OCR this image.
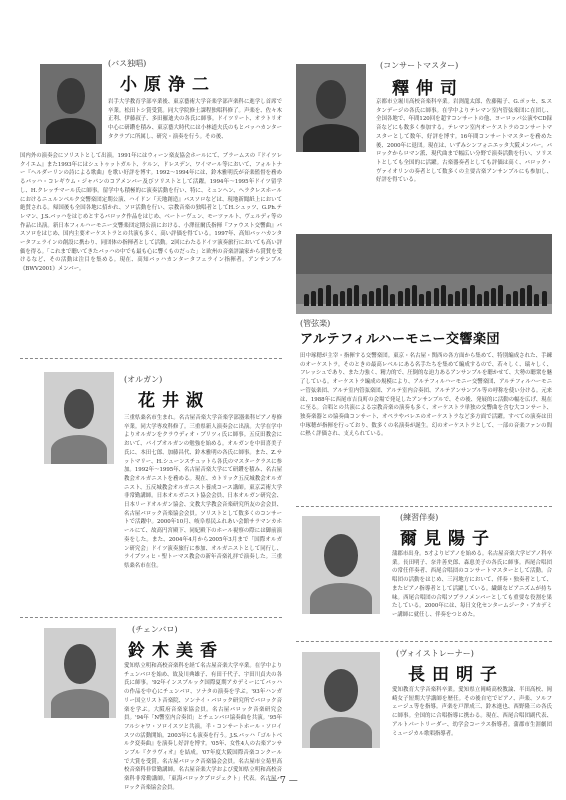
(バス独唱)
小原浄二
岩手大学教育学部卒業後、東京藝術大学音楽学部声楽科に進学し首席で卒業。松田トシ賞受賞。同大学院修士課程独唱科修了。声楽を、佐々木正利、伊藤叔子、多田羅迪夫の各氏に師事。ドイツリート、オラトリオ中心に研鑽を積み、東京藝大時代には小林道夫氏のもとバッハカンタータクラブに所属し、研究・演奏を行う。その後、
国内外の演奏会にソリストとして出演。1991年にはウィーン楽友協会ホールにて、ブラームスの『ドイツレクイエム』また1993年にはシュトゥットガルト、ケルン、ドレスデン、ワイマール等において、フォルトナー『ヘルダーリンの詩による歌曲』を歌い好評を博す。1992〜1994年には、鈴木雅明氏が音楽監督を務めるバッハ・コレギウム・ジャパンのコアメンバー及びソリストとして活躍。1994年〜1995年ドイツ留学し、H.クレッチマール氏に師事。留学中も積極的に演奏活動を行い、特に、ミュンヘン、ヘラクレスホールにおけるニュルンベルク交響楽団定期公演、ハイドン『天地創造』バスソロなどは、現地新聞紙上において絶賛される。帰国後も全国各地に招かれ、ソロ活動を行い、宗教音楽の独唱者としてH.シュッツ、G.Ph.テレマン、J.S.バッハをはじめとするバロック作品をはじめ、ベートーヴェン、モーツァルト、ヴェルディ等の作品に出演。新日本フィルハーモニー交響楽団定期公演における、小澤征爾氏指揮『ファウスト交響曲』バスソロをはじめ、国内主要オーケストラとの共演も多く、高い評価を得ている。1997年、高知バッハカンタータフェラインの創設に携わり、同団体の指揮者として活動。2回にわたるドイツ演奏旅行においても高い評価を得る。「これまで聴いてきたバッハの中でも最も心に響くものだった」と欧州の音楽評論家から賞賛を受けるなど、その活動は注目を集める。現在、高知バッハカンタータフェライン指揮者。アンサンブル《BWV2001》メンバー。
(オルガン)
花井淑
三重県桑名市生まれ。名古屋音楽大学音楽学部器楽科ピアノ専修卒業。同大学専攻科修了。三重県新人演奏会に出演。大学在学中よりオルガンをクラウディオ・ブリツィ氏に師事。五反田教会において、パイプオルガンの勉強を始める。オルガンを中田喜美子氏に、本田七郎、加藤昌代、鈴木雅明の各氏に師事。また、Z.サットマリー、H.シューンスチュットら各氏のマスタークラスに参加。1992年〜1995年、名古屋音楽大学にて研鑽を積み、名古屋教会オルガニストを務める。現在、カトリック五反城教会オルガニスト、五反城教会オルガニスト養成コース講師。東京芸術大学非常勤講師。日本オルガニスト協会会員、日本オルガン研究会、日本リードオルガン協会、文教大学教会音楽研究所友の会会員、名古屋バロック音楽協会会員。ソリストとして数多くのコンサートで活躍中。2000年10月、岐阜県民ふれあい会館サラマンカホールにて、故高円宮殿下、同妃殿下のホール視察の際には御前演奏をした。また、2004年4月から2005年3月まで「国際オルガン研究会」ドイツ演奏旅行に参加、オルガニストとして同行し、ライプツィヒ・聖トーマス教会の新年音楽礼拝で演奏した。三重県桑名市在住。
(チェンバロ)
鈴木美香
愛知県立明和高校音楽科を経て名古屋音楽大学卒業。在学中よりチェンバロを始め、故及川典雄子、有田千代子、宇田川貞夫の各氏に師事。'92年インスブルック国際夏期アカデミーにてバッハの作品を中心にチェンバロ、ソナタの演奏を学ぶ。'93年ハンガリー国立リスト音楽院、ソンナイ・バロック研究所でバロック音楽を学ぶ。大阪府音楽家協会員。名古屋バロック音楽研究会員。'94年「N響室内合奏団」とチェンバロ協奏曲を共演。'95年フルシャワ・ソロイスツと共演。半・コンサートホール・ソロイスツの活動開始。2003年にも演奏を行う。J.S.バッハ『ゴルトベルク変奏曲』を演奏し好評を博す。'05年、女性4人の古楽アンサンブル『クラヴィオ』を結成。'07年度大阪国際音楽コンクールで大賞を受賞。名古屋バロック音楽協会会員。名古屋市立菊里高校音楽科非常勤講師。名古屋音楽大学および愛知県立明和高校音楽科非常勤講師。「東海バロックプロジェクト」代表。名古屋バロック音楽協会会員。
(コンサートマスター)
釋伸司
京都市立堀川高校音楽科卒業。岩渕龍太郎、佐藤陽子、G.ポッセ、S.スタンデージの各氏に師事。在学中よりテレマン室内管弦楽団に在団し、全国各地で、年間120回を超すコンサートの他、ヨーロッパ公演やCD録音などにも数多く参加する。テレマン室内オーケストラのコンサートマスターとして数年、好評を博す。16年間コンサートマスターを務めた後、2000年に退団。現在は、いずみシンフォニエッタ大阪メンバー。バロックからロマン派、現代曲まで幅広い分野で演奏活動を行い、ソリストとしても全国的に活躍。古楽器奏者としても評価は高く、バロック・ヴァイオリンの奏者として数多くの主要古楽アンサンブルにも参加し、好評を得ている。
(管弦楽)
アルテフィルハーモニー交響楽団
田中琢穂が主宰・指揮する交響楽団。東京・名古屋・関西の各方面から集めて、特別編成された、手練のオーケストラ。そのときの最高レベルにある名手たちを集めて編成するので、若々しく、瑞々しく、フレッシュであり、また力強く、精力的で、圧倒的な迫力あるアンサンブルを聴かせて、大勢の聴衆を魅了している。オーケストラ編成の規模により、アルテフィルハーモニー交響楽団、アルテフィルハーモニー管弦楽団、アルテ室内管弦楽団、アルテ室内合奏団、アルテアンサンブル等の呼称を使い分ける。元来は、1988年に西尾市吉良町の会場で発足したアンサンブルで、その後、発展的に活動の幅を広げ、現在に至る。合唱との共演による宗教音楽の演奏も多く、オーケストラ単独の交響曲を含む大コンサート、独奏楽器との協奏曲コンサート、オペラやバレエのオーケストラなど多方面で活躍。すべての演奏は田中琢穂が指揮を行っており、数多くの名演奏が誕生。幻のオーケストラとして、一部の音楽ファンの間に熱く評価され、支えられている。
(練習伴奏)
爾見陽子
蒲郡市出身。5才よりピアノを始める。名古屋音楽大学ピアノ科卒業。長田明子、奈井善史郎、森恵美子の各氏に師事。西尾合唱団の常任伴奏者、西尾合唱団のコンサートマスターとして活動。合唱団の活動をはじめ、三河地方において、伴奏・独奏者として、またピアノ指導者として活躍している。繊細なピアニズムが持ち味。西尾合唱団の合唱ソプラノメンバーとしても重要な役割を果たしている。2000年には、毎日文化センタームジーク・アカデミー講師に就任し、伴奏をつとめた。
(ヴォイストレーナー)
長田明子
愛知教育大学音楽科卒業。愛知県立岡崎高校教論、半田高校、岡崎女子短期大学講師を歴任。その後自宅でピアノ、声楽、ソルフェージュ等を指導。声楽を戸澤成三、鈴木進也、西野隆三の各氏に師事。全国的に合唱指導に携わる。現在、西尾合唱団副代表、アルトパートリーダー、幼学会コーラス指導者。蒲郡市生涯劇団ミュージカル歌唱指導者。
— 7 —
